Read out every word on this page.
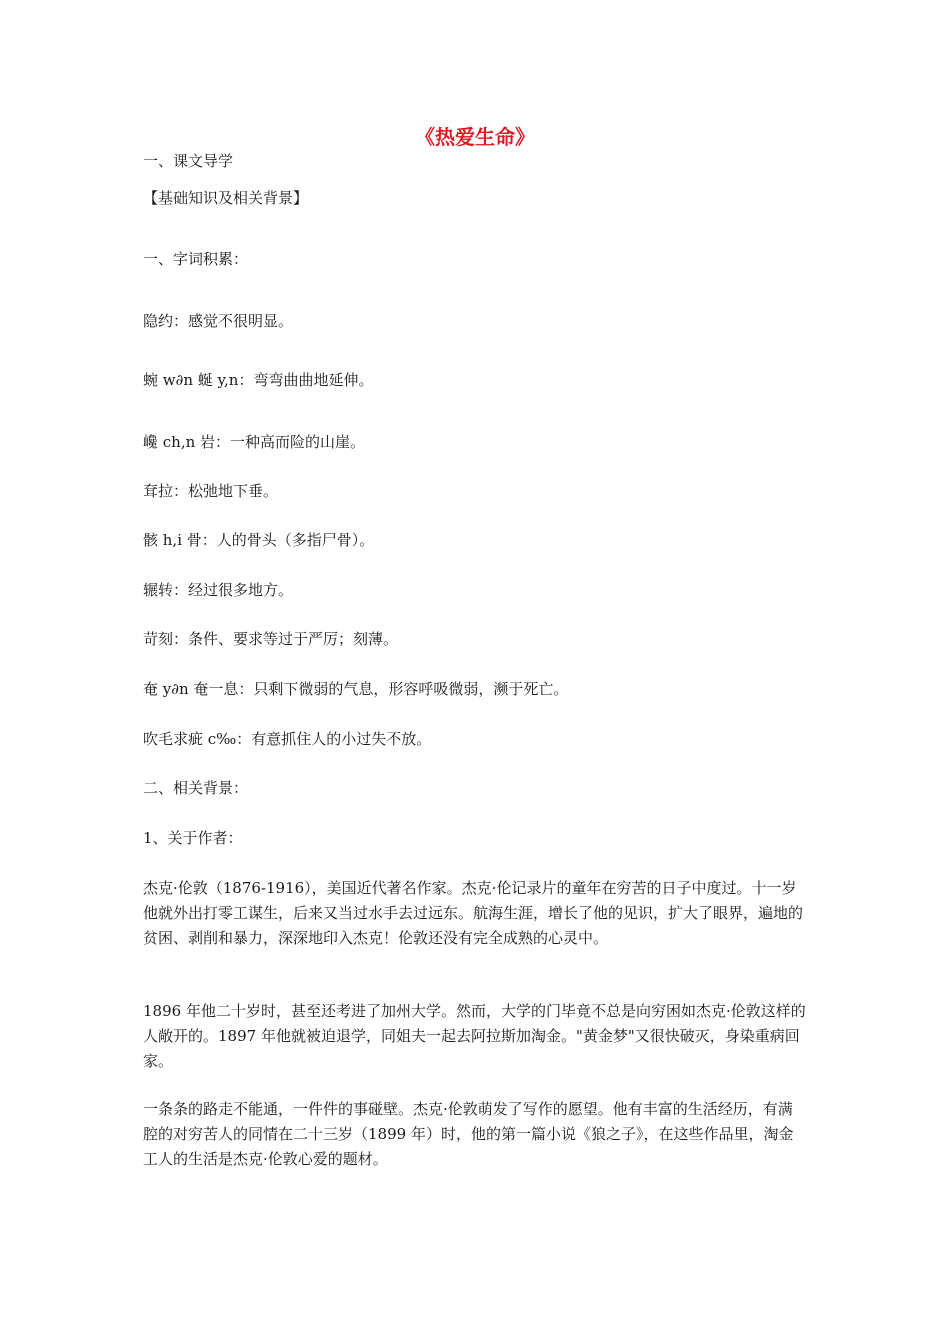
《热爱生命》
一、课文导学
【基础知识及相关背景】
一、字词积累：
隐约：感觉不很明显。
蜿 w∂n 蜒 y,n：弯弯曲曲地延伸。
巉 ch,n 岩：一种高而险的山崖。
耷拉：松弛地下垂。
骸 h,i 骨：人的骨头（多指尸骨）。
辗转：经过很多地方。
苛刻：条件、要求等过于严厉；刻薄。
奄 y∂n 奄一息：只剩下微弱的气息，形容呼吸微弱，濒于死亡。
吹毛求疵 c‰：有意抓住人的小过失不放。
二、相关背景：
1、关于作者：
杰克·伦敦（1876-1916），美国近代著名作家。杰克·伦记录片的童年在穷苦的日子中度过。十一岁他就外出打零工谋生，后来又当过水手去过远东。航海生涯，增长了他的见识，扩大了眼界，遍地的贫困、剥削和暴力，深深地印入杰克！伦敦还没有完全成熟的心灵中。
1896 年他二十岁时，甚至还考进了加州大学。然而，大学的门毕竟不总是向穷困如杰克·伦敦这样的人敞开的。1897 年他就被迫退学，同姐夫一起去阿拉斯加淘金。"黄金梦"又很快破灭，身染重病回家。
一条条的路走不能通，一件件的事碰壁。杰克·伦敦萌发了写作的愿望。他有丰富的生活经历，有满腔的对穷苦人的同情在二十三岁（1899 年）时，他的第一篇小说《狼之子》，在这些作品里，淘金工人的生活是杰克·伦敦心爱的题材。
